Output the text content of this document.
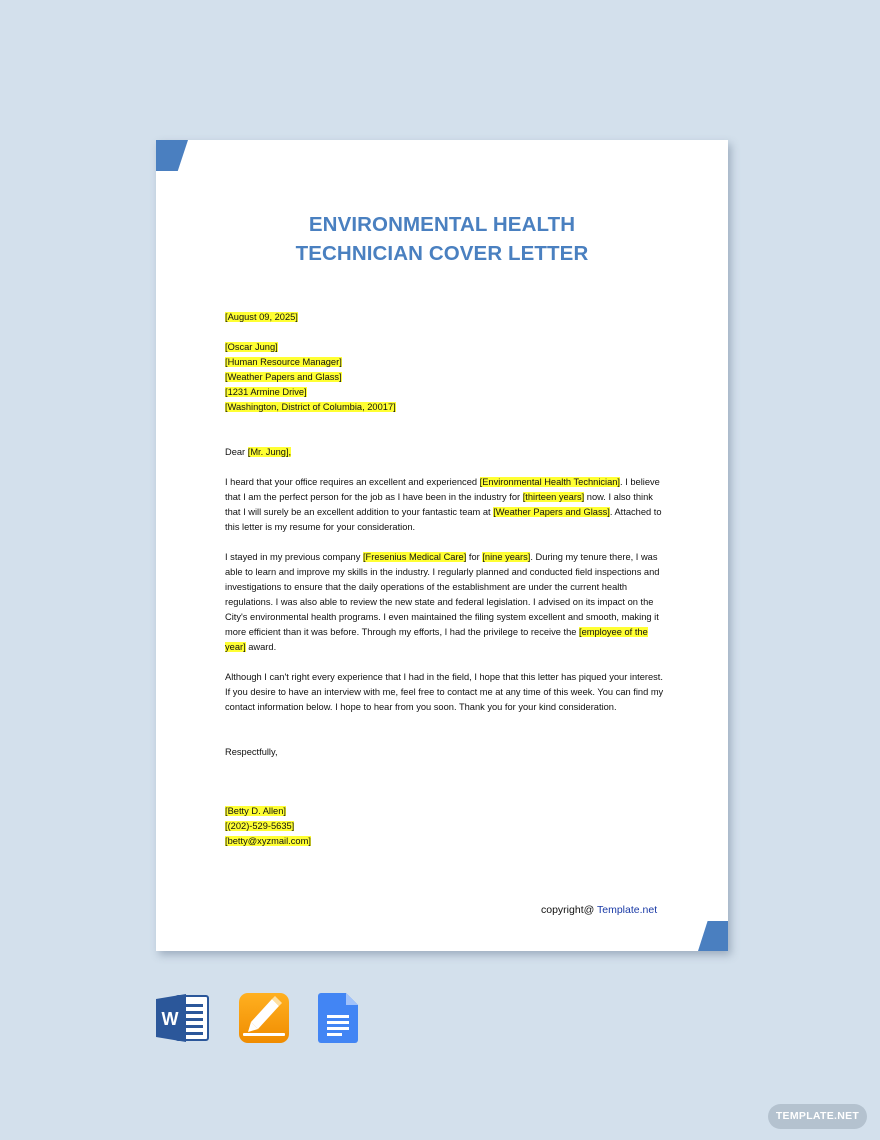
ENVIRONMENTAL HEALTH
TECHNICIAN COVER LETTER

[August 09, 2025]

[Oscar Jung]
[Human Resource Manager]
[Weather Papers and Glass]
[1231 Armine Drive]
[Washington, District of Columbia, 20017]

Dear [Mr. Jung],

I heard that your office requires an excellent and experienced [Environmental Health Technician]. I believe that I am the perfect person for the job as I have been in the industry for [thirteen years] now. I also think that I will surely be an excellent addition to your fantastic team at [Weather Papers and Glass]. Attached to this letter is my resume for your consideration.

I stayed in my previous company [Fresenius Medical Care] for [nine years]. During my tenure there, I was able to learn and improve my skills in the industry. I regularly planned and conducted field inspections and investigations to ensure that the daily operations of the establishment are under the current health regulations. I was also able to review the new state and federal legislation. I advised on its impact on the City's environmental health programs. I even maintained the filing system excellent and smooth, making it more efficient than it was before. Through my efforts, I had the privilege to receive the [employee of the year] award.

Although I can't right every experience that I had in the field, I hope that this letter has piqued your interest. If you desire to have an interview with me, feel free to contact me at any time of this week. You can find my contact information below. I hope to hear from you soon. Thank you for your kind consideration.

Respectfully,

[Betty D. Allen]
[(202)-529-5635]
[betty@xyzmail.com]
copyright@ Template.net
W
TEMPLATE.NET
